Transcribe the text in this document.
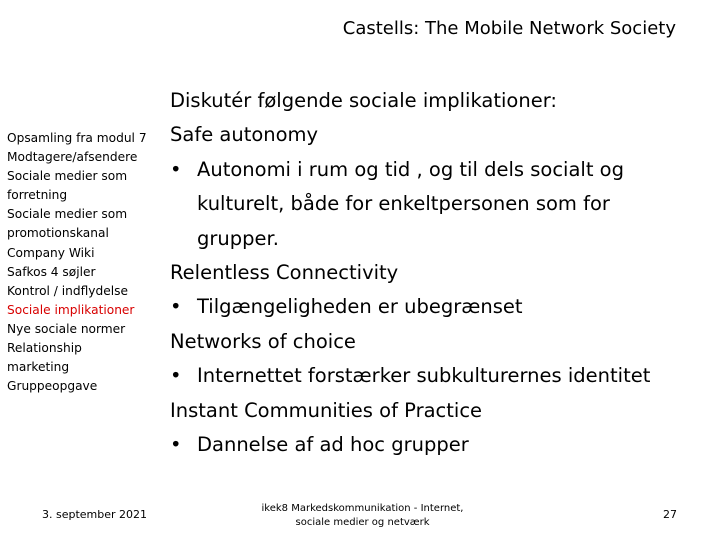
Castells: The Mobile Network Society
Opsamling fra modul 7
Modtagere/afsendere
Sociale medier som forretning
Sociale medier som promotionskanal
Company Wiki
Safkos 4 søjler
Kontrol / indflydelse
Sociale implikationer
Nye sociale normer
Relationship marketing
Gruppeopgave
Diskutér følgende sociale implikationer:
Safe autonomy
• Autonomi i rum og tid , og til dels socialt og kulturelt, både for enkeltpersonen som for grupper.
Relentless Connectivity
• Tilgængeligheden er ubegrænset
Networks of choice
• Internettet forstærker subkulturernes identitet
Instant Communities of Practice
• Dannelse af ad hoc grupper
3. september 2021	ikek8 Markedskommunikation - Internet,
sociale medier og netværk
27
